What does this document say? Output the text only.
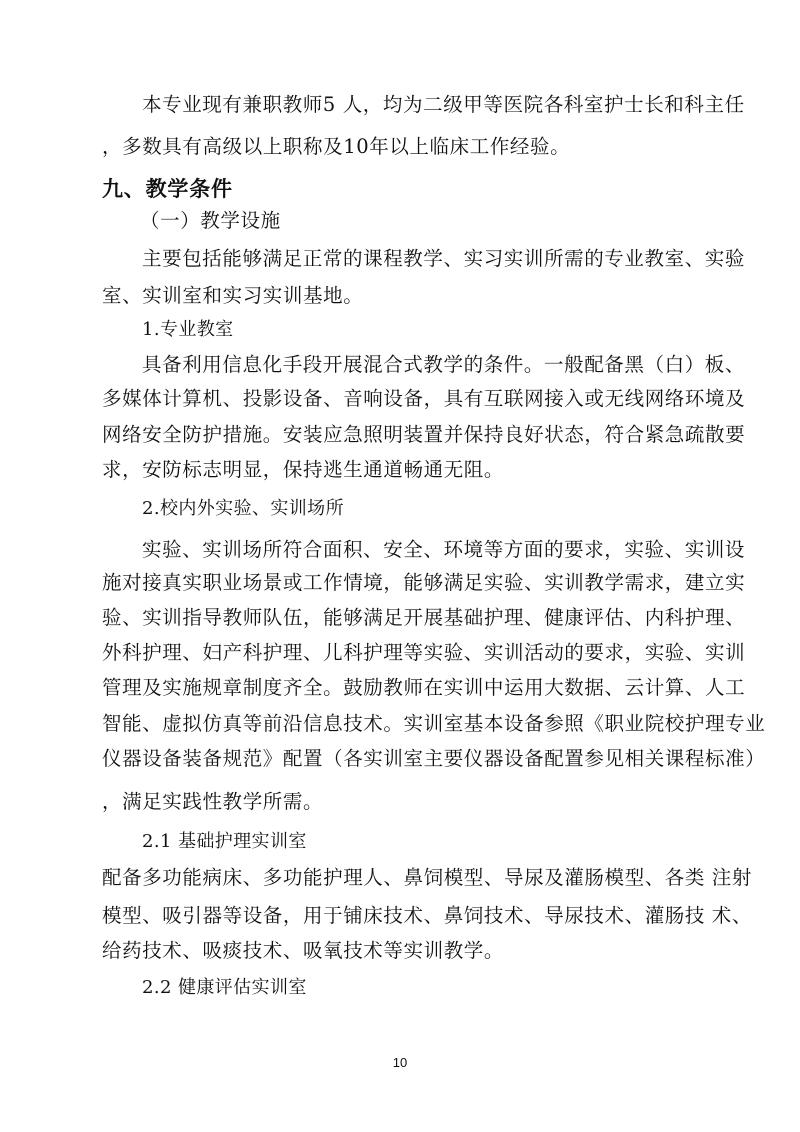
本专业现有兼职教师5 人，均为二级甲等医院各科室护士长和科主任
，多数具有高级以上职称及10年以上临床工作经验。
九、教学条件
（一）教学设施
主要包括能够满足正常的课程教学、实习实训所需的专业教室、实验
室、实训室和实习实训基地。
1.专业教室
具备利用信息化手段开展混合式教学的条件。一般配备黑（白）板、
多媒体计算机、投影设备、音响设备，具有互联网接入或无线网络环境及
网络安全防护措施。安装应急照明装置并保持良好状态，符合紧急疏散要
求，安防标志明显，保持逃生通道畅通无阻。
2.校内外实验、实训场所
实验、实训场所符合面积、安全、环境等方面的要求，实验、实训设
施对接真实职业场景或工作情境，能够满足实验、实训教学需求，建立实
验、实训指导教师队伍，能够满足开展基础护理、健康评估、内科护理、
外科护理、妇产科护理、儿科护理等实验、实训活动的要求，实验、实训
管理及实施规章制度齐全。鼓励教师在实训中运用大数据、云计算、人工
智能、虚拟仿真等前沿信息技术。实训室基本设备参照《职业院校护理专业
仪器设备装备规范》配置（各实训室主要仪器设备配置参见相关课程标准）
，满足实践性教学所需。
2.1 基础护理实训室
配备多功能病床、多功能护理人、鼻饲模型、导尿及灌肠模型、各类 注射
模型、吸引器等设备，用于铺床技术、鼻饲技术、导尿技术、灌肠技 术、
给药技术、吸痰技术、吸氧技术等实训教学。
2.2 健康评估实训室
10
